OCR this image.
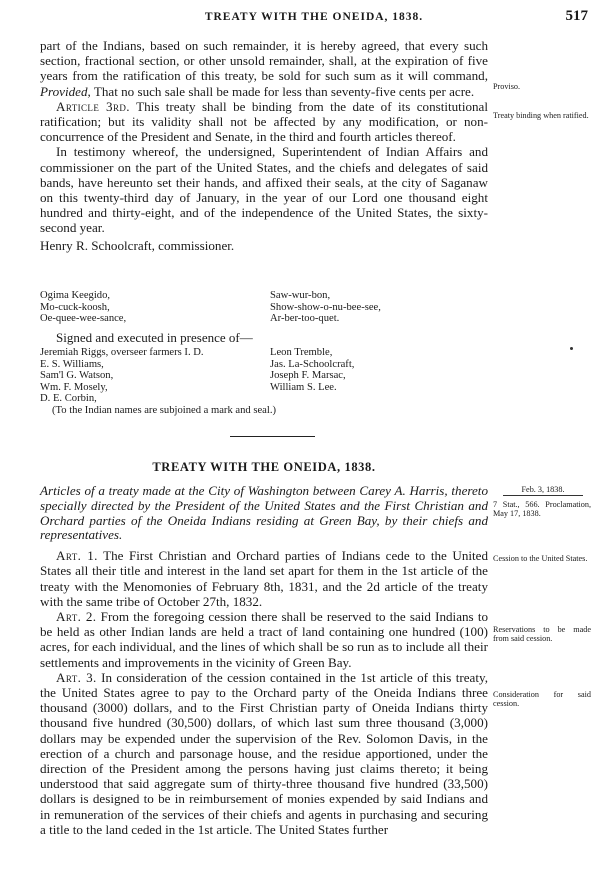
TREATY WITH THE ONEIDA, 1838.	517

part of the Indians, based on such remainder, it is hereby agreed, that every such section, fractional section, or other unsold remainder, shall, at the expiration of five years from the ratification of this treaty, be sold for such sum as it will command, Provided, That no such sale shall be made for less than seventy-five cents per acre.

Article 3rd. This treaty shall be binding from the date of its constitutional ratification; but its validity shall not be affected by any modification, or non-concurrence of the President and Senate, in the third and fourth articles thereof.

In testimony whereof, the undersigned, Superintendent of Indian Affairs and commissioner on the part of the United States, and the chiefs and delegates of said bands, have hereunto set their hands, and affixed their seals, at the city of Saganaw on this twenty-third day of January, in the year of our Lord one thousand eight hundred and thirty-eight, and of the independence of the United States, the sixty-second year.

Henry R. Schoolcraft, commissioner.

Proviso.
Treaty binding when ratified.
Ogima Keegido,
Mo-cuck-koosh,
Oe-quee-wee-sance,
Saw-wur-bon,
Show-show-o-nu-bee-see,
Ar-ber-too-quet.

Signed and executed in presence of—

Jeremiah Riggs, overseer farmers I. D.
E. S. Williams,
Sam'l G. Watson,
Wm. F. Mosely,
D. E. Corbin,
Leon Tremble,
Jas. La-Schoolcraft,
Joseph F. Marsac,
William S. Lee.
(To the Indian names are subjoined a mark and seal.)
TREATY WITH THE ONEIDA, 1838.

Articles of a treaty made at the City of Washington between Carey A. Harris, thereto specially directed by the President of the United States and the First Christian and Orchard parties of the Oneida Indians residing at Green Bay, by their chiefs and representatives.

Art. 1. The First Christian and Orchard parties of Indians cede to the United States all their title and interest in the land set apart for them in the 1st article of the treaty with the Menomonies of February 8th, 1831, and the 2d article of the treaty with the same tribe of October 27th, 1832.

Art. 2. From the foregoing cession there shall be reserved to the said Indians to be held as other Indian lands are held a tract of land containing one hundred (100) acres, for each individual, and the lines of which shall be so run as to include all their settlements and improvements in the vicinity of Green Bay.

Art. 3. In consideration of the cession contained in the 1st article of this treaty, the United States agree to pay to the Orchard party of the Oneida Indians three thousand (3000) dollars, and to the First Christian party of Oneida Indians thirty thousand five hundred (30,500) dollars, of which last sum three thousand (3,000) dollars may be expended under the supervision of the Rev. Solomon Davis, in the erection of a church and parsonage house, and the residue apportioned, under the direction of the President among the persons having just claims thereto; it being understood that said aggregate sum of thirty-three thousand five hundred (33,500) dollars is designed to be in reimbursement of monies expended by said Indians and in remuneration of the services of their chiefs and agents in purchasing and securing a title to the land ceded in the 1st article. The United States further

Feb. 3, 1838.
7 Stat., 566. Proclamation, May 17, 1838.
Cession to the United States.
Reservations to be made from said cession.
Consideration for said cession.
